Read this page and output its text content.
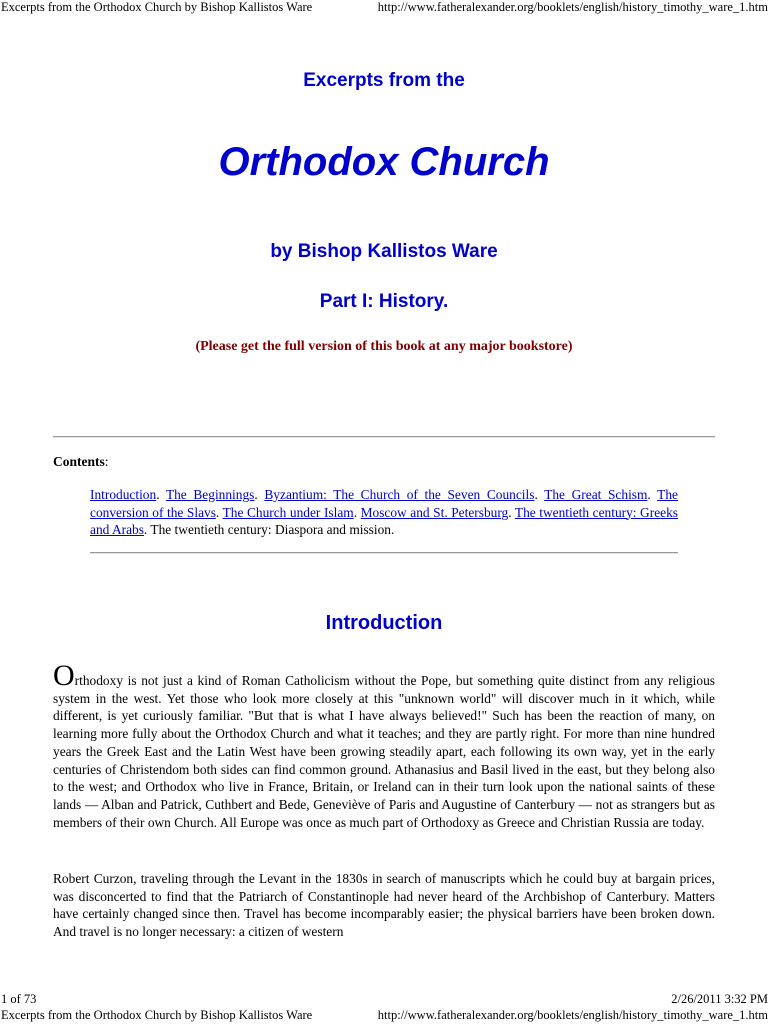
Excerpts from the Orthodox Church by Bishop Kallistos Ware	http://www.fatheralexander.org/booklets/english/history_timothy_ware_1.htm
Excerpts from the
Orthodox Church
by Bishop Kallistos Ware
Part I: History.
(Please get the full version of this book at any major bookstore)
Contents:
Introduction. The Beginnings. Byzantium: The Church of the Seven Councils. The Great Schism. The conversion of the Slavs. The Church under Islam. Moscow and St. Petersburg. The twentieth century: Greeks and Arabs. The twentieth century: Diaspora and mission.
Introduction

Orthodoxy is not just a kind of Roman Catholicism without the Pope, but something quite distinct from any religious system in the west. Yet those who look more closely at this "unknown world" will discover much in it which, while different, is yet curiously familiar. "But that is what I have always believed!" Such has been the reaction of many, on learning more fully about the Orthodox Church and what it teaches; and they are partly right. For more than nine hundred years the Greek East and the Latin West have been growing steadily apart, each following its own way, yet in the early centuries of Christendom both sides can find common ground. Athanasius and Basil lived in the east, but they belong also to the west; and Orthodox who live in France, Britain, or Ireland can in their turn look upon the national saints of these lands — Alban and Patrick, Cuthbert and Bede, Geneviève of Paris and Augustine of Canterbury — not as strangers but as members of their own Church. All Europe was once as much part of Orthodoxy as Greece and Christian Russia are today.

Robert Curzon, traveling through the Levant in the 1830s in search of manuscripts which he could buy at bargain prices, was disconcerted to find that the Patriarch of Constantinople had never heard of the Archbishop of Canterbury. Matters have certainly changed since then. Travel has become incomparably easier; the physical barriers have been broken down. And travel is no longer necessary: a citizen of western

1 of 73	2/26/2011 3:32 PM
Excerpts from the Orthodox Church by Bishop Kallistos Ware	http://www.fatheralexander.org/booklets/english/history_timothy_ware_1.htm
